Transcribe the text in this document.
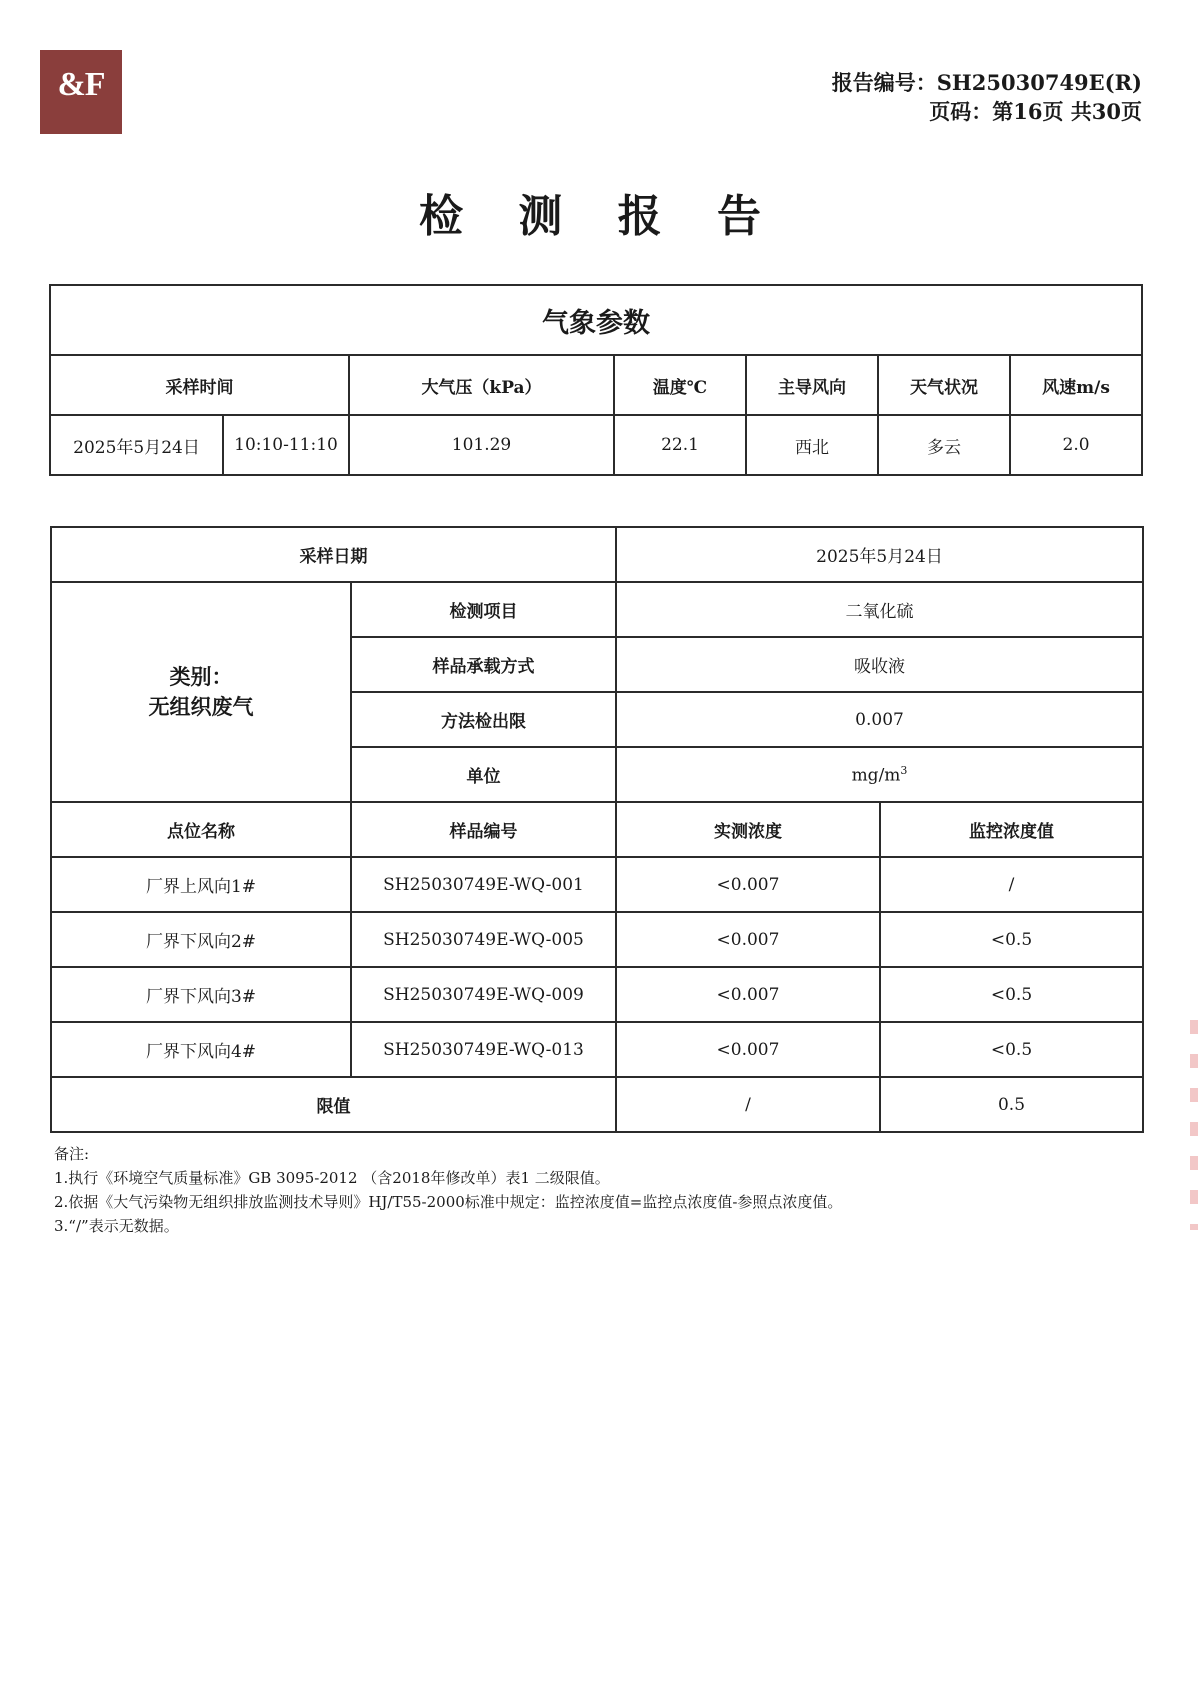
&F	报告编号：SH25030749E(R)
页码：第16页 共30页
检 测 报 告
气象参数						
采样时间		大气压（kPa）	温度℃	主导风向	天气状况	风速m/s
2025年5月24日	10:10-11:10	101.29	22.1	西北	多云	2.0
采样日期		2025年5月24日	

类别：
无组织废气	检测项目	二氧化硫	
	样品承载方式	吸收液	
	方法检出限	0.007	
	单位	$mg/m^3$
点位名称	样品编号	实测浓度	监控浓度值
厂界上风向1#	SH25030749E-WQ-001	<0.007	/
厂界下风向2#	SH25030749E-WQ-005	<0.007	<0.5
厂界下风向3#	SH25030749E-WQ-009	<0.007	<0.5
厂界下风向4#	SH25030749E-WQ-013	<0.007	<0.5
限值		/	0.5
备注:
1.执行《环境空气质量标准》GB 3095-2012 （含2018年修改单）表1 二级限值。
2.依据《大气污染物无组织排放监测技术导则》HJ/T55-2000标准中规定：监控浓度值=监控点浓度值-参照点浓度值。
3.“/”表示无数据。
